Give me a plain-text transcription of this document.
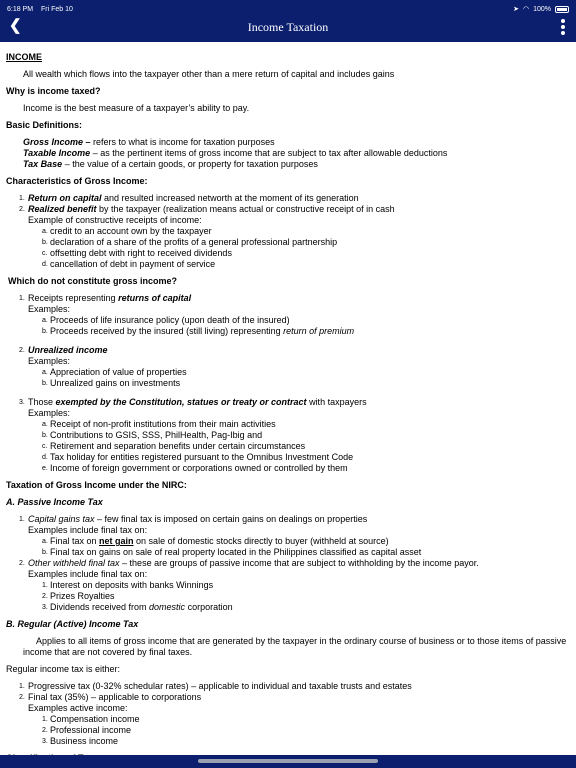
6:18 PM Fri Feb 10	➤ ◠ 100%
❮	Income Taxation
INCOME

All wealth which flows into the taxpayer other than a mere return of capital and includes gains

Why is income taxed?

Income is the best measure of a taxpayer’s ability to pay.

Basic Definitions:

Gross Income – refers to what is income for taxation purposes

Taxable Income – as the pertinent items of gross income that are subject to tax after allowable deductions

Tax Base – the value of a certain goods, or property for taxation purposes

Characteristics of Gross Income:
1. Return on capital and resulted increased networth at the moment of its generation
2. Realized benefit by the taxpayer (realization means actual or constructive receipt of in cash

Example of constructive receipts of income:

a. credit to an account own by the taxpayer
b. declaration of a share of the profits of a general professional partnership
c. offsetting debt with right to received dividends
d. cancellation of debt in payment of service
Which do not constitute gross income?
1. Receipts representing returns of capital

Examples:

a. Proceeds of life insurance policy (upon death of the insured)
b. Proceeds received by the insured (still living) representing return of premium
2. Unrealized income

Examples:

a. Appreciation of value of properties
b. Unrealized gains on investments
3. Those exempted by the Constitution, statues or treaty or contract with taxpayers

Examples:

a. Receipt of non-profit institutions from their main activities
b. Contributions to GSIS, SSS, PhilHealth, Pag-Ibig and
c. Retirement and separation benefits under certain circumstances
d. Tax holiday for entities registered pursuant to the Omnibus Investment Code
e. Income of foreign government or corporations owned or controlled by them
Taxation of Gross Income under the NIRC:
A. Passive Income Tax
1. Capital gains tax – few final tax is imposed on certain gains on dealings on properties

Examples include final tax on:

a. Final tax on net gain on sale of domestic stocks directly to buyer (withheld at source)
b. Final tax on gains on sale of real property located in the Philippines classified as capital asset
2. Other withheld final tax – these are groups of passive income that are subject to withholding by the income payor.

Examples include final tax on:

1. Interest on deposits with banks Winnings
2. Prizes Royalties
3. Dividends received from domestic corporation
B. Regular (Active) Income Tax

Applies to all items of gross income that are generated by the taxpayer in the ordinary course of business or to those items of passive

income that are not covered by final taxes.

Regular income tax is either:

1. Progressive tax (0-32% schedular rates) – applicable to individual and taxable trusts and estates
2. Final tax (35%) – applicable to corporations

Examples active income:

1. Compensation income
2. Professional income
3. Business income
